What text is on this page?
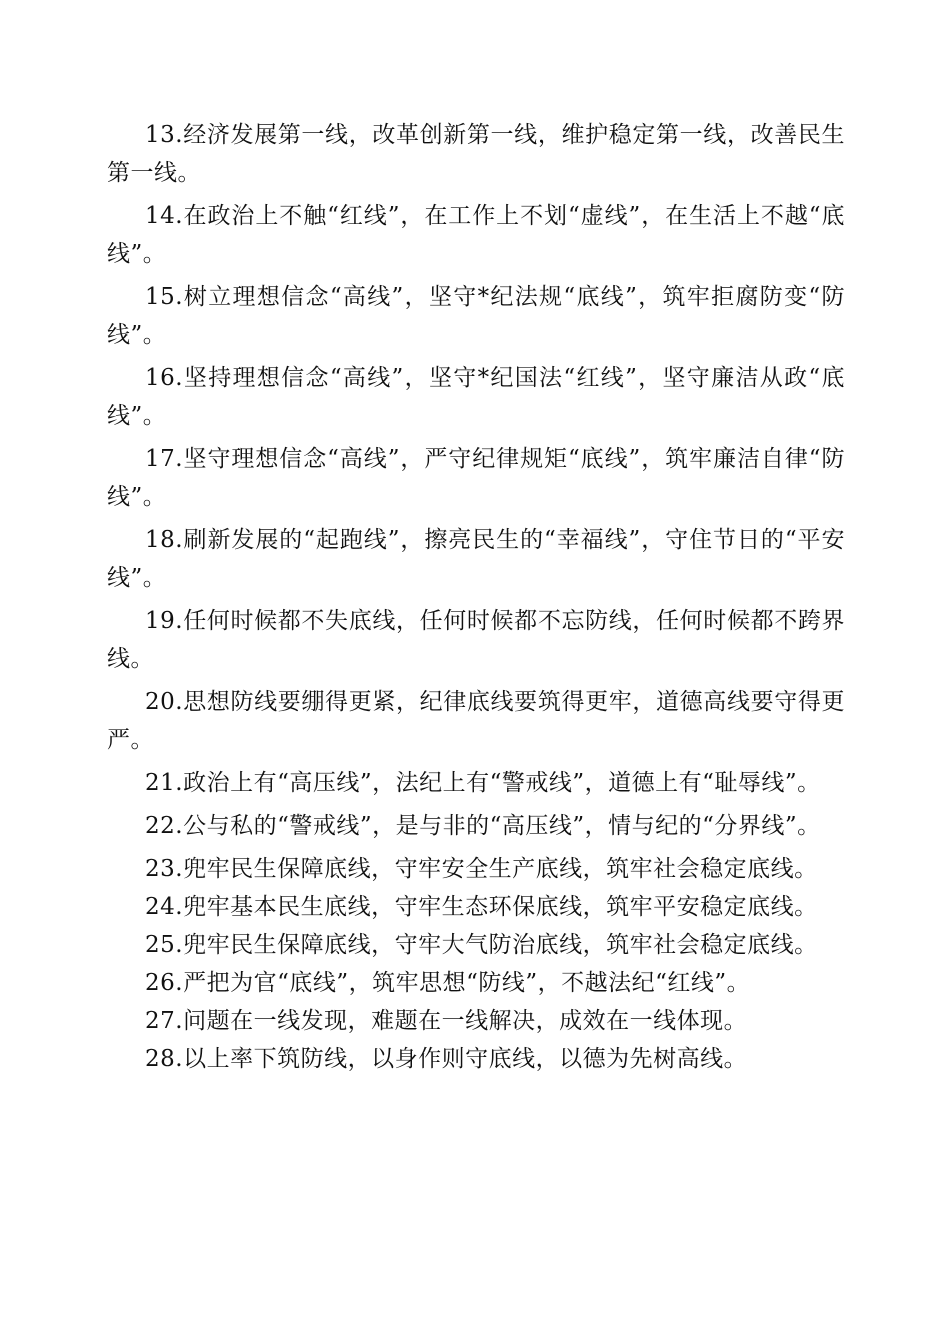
13.经济发展第一线，改革创新第一线，维护稳定第一线，改善民生第一线。

14.在政治上不触“红线”，在工作上不划“虚线”，在生活上不越“底线”。

15.树立理想信念“高线”，坚守*纪法规“底线”，筑牢拒腐防变“防线”。

16.坚持理想信念“高线”，坚守*纪国法“红线”，坚守廉洁从政“底线”。

17.坚守理想信念“高线”，严守纪律规矩“底线”，筑牢廉洁自律“防线”。

18.刷新发展的“起跑线”，擦亮民生的“幸福线”，守住节日的“平安线”。

19.任何时候都不失底线，任何时候都不忘防线，任何时候都不跨界线。

20.思想防线要绷得更紧，纪律底线要筑得更牢，道德高线要守得更严。

21.政治上有“高压线”，法纪上有“警戒线”，道德上有“耻辱线”。

22.公与私的“警戒线”，是与非的“高压线”，情与纪的“分界线”。

23.兜牢民生保障底线，守牢安全生产底线，筑牢社会稳定底线。

24.兜牢基本民生底线，守牢生态环保底线，筑牢平安稳定底线。

25.兜牢民生保障底线，守牢大气防治底线，筑牢社会稳定底线。

26.严把为官“底线”，筑牢思想“防线”，不越法纪“红线”。

27.问题在一线发现，难题在一线解决，成效在一线体现。

28.以上率下筑防线，以身作则守底线，以德为先树高线。
